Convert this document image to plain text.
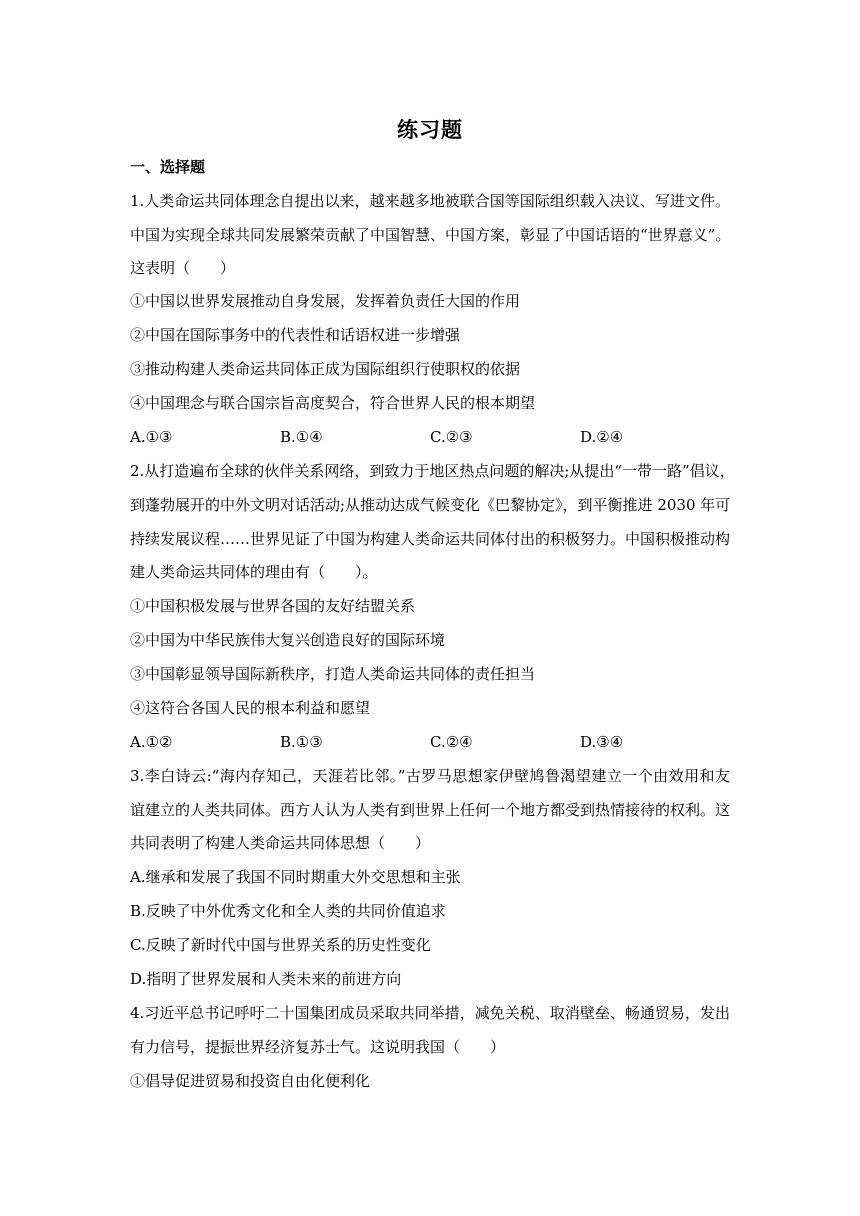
练习题
一、选择题
1.人类命运共同体理念自提出以来，越来越多地被联合国等国际组织载入决议、写进文件。
中国为实现全球共同发展繁荣贡献了中国智慧、中国方案，彰显了中国话语的“世界意义”。
这表明（　　）
①中国以世界发展推动自身发展，发挥着负责任大国的作用
②中国在国际事务中的代表性和话语权进一步增强
③推动构建人类命运共同体正成为国际组织行使职权的依据
④中国理念与联合国宗旨高度契合，符合世界人民的根本期望
A.①③	B.①④	C.②③	D.②④
2.从打造遍布全球的伙伴关系网络，到致力于地区热点问题的解决;从提出“一带一路”倡议，
到蓬勃展开的中外文明对话活动;从推动达成气候变化《巴黎协定》，到平衡推进 2030 年可
持续发展议程……世界见证了中国为构建人类命运共同体付出的积极努力。中国积极推动构
建人类命运共同体的理由有（　　）。
①中国积极发展与世界各国的友好结盟关系
②中国为中华民族伟大复兴创造良好的国际环境
③中国彰显领导国际新秩序，打造人类命运共同体的责任担当
④这符合各国人民的根本利益和愿望
A.①②	B.①③	C.②④	D.③④
3.李白诗云:“海内存知己，天涯若比邻。”古罗马思想家伊壁鸠鲁渴望建立一个由效用和友
谊建立的人类共同体。西方人认为人类有到世界上任何一个地方都受到热情接待的权利。这
共同表明了构建人类命运共同体思想（　　）
A.继承和发展了我国不同时期重大外交思想和主张
B.反映了中外优秀文化和全人类的共同价值追求
C.反映了新时代中国与世界关系的历史性变化
D.指明了世界发展和人类未来的前进方向
4.习近平总书记呼吁二十国集团成员采取共同举措，减免关税、取消壁垒、畅通贸易，发出
有力信号，提振世界经济复苏士气。这说明我国（　　）
①倡导促进贸易和投资自由化便利化
